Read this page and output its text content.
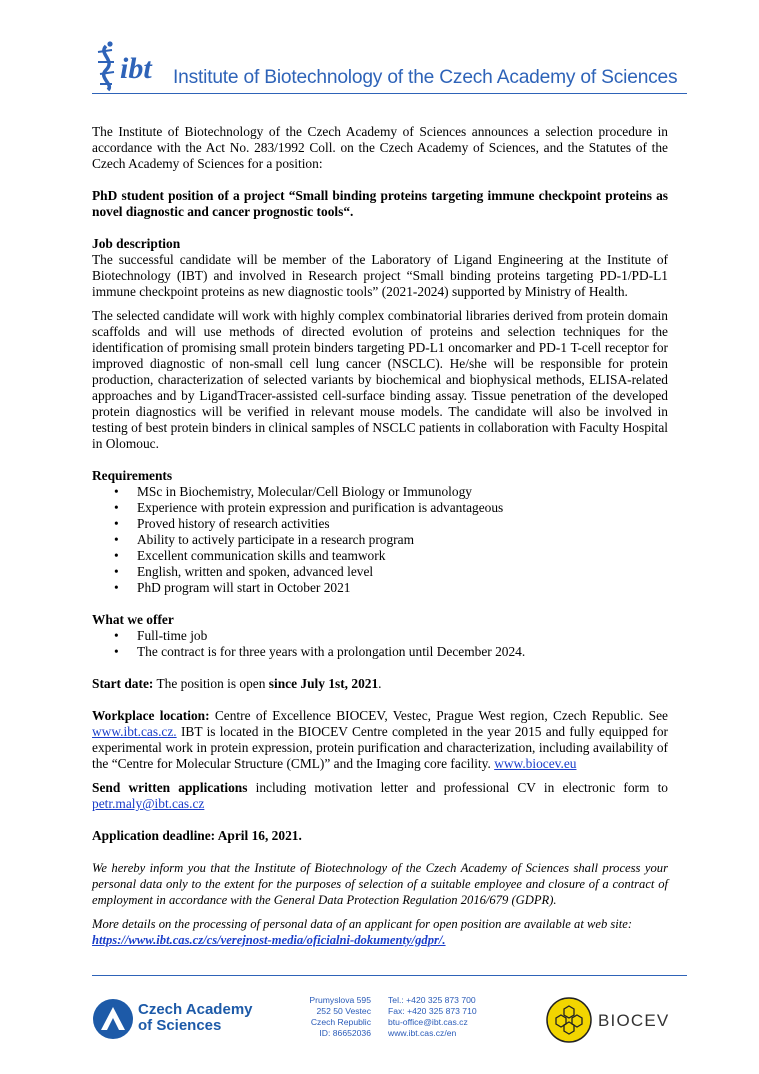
ibt Institute of Biotechnology of the Czech Academy of Sciences

The Institute of Biotechnology of the Czech Academy of Sciences announces a selection procedure in accordance with the Act No. 283/1992 Coll. on the Czech Academy of Sciences, and the Statutes of the Czech Academy of Sciences for a position:

PhD student position of a project “Small binding proteins targeting immune checkpoint proteins as novel diagnostic and cancer prognostic tools“.

Job description

The successful candidate will be member of the Laboratory of Ligand Engineering at the Institute of Biotechnology (IBT) and involved in Research project “Small binding proteins targeting PD-1/PD-L1 immune checkpoint proteins as new diagnostic tools” (2021-2024) supported by Ministry of Health.

The selected candidate will work with highly complex combinatorial libraries derived from protein domain scaffolds and will use methods of directed evolution of proteins and selection techniques for the identification of promising small protein binders targeting PD-L1 oncomarker and PD-1 T-cell receptor for improved diagnostic of non-small cell lung cancer (NSCLC). He/she will be responsible for protein production, characterization of selected variants by biochemical and biophysical methods, ELISA-related approaches and by LigandTracer-assisted cell-surface binding assay. Tissue penetration of the developed protein diagnostics will be verified in relevant mouse models. The candidate will also be involved in testing of best protein binders in clinical samples of NSCLC patients in collaboration with Faculty Hospital in Olomouc.

Requirements

• MSc in Biochemistry, Molecular/Cell Biology or Immunology
• Experience with protein expression and purification is advantageous
• Proved history of research activities
• Ability to actively participate in a research program
• Excellent communication skills and teamwork
• English, written and spoken, advanced level
• PhD program will start in October 2021

What we offer

• Full-time job
• The contract is for three years with a prolongation until December 2024.

Start date: The position is open since July 1st, 2021.

Workplace location: Centre of Excellence BIOCEV, Vestec, Prague West region, Czech Republic. See www.ibt.cas.cz. IBT is located in the BIOCEV Centre completed in the year 2015 and fully equipped for experimental work in protein expression, protein purification and characterization, including availability of the “Centre for Molecular Structure (CML)” and the Imaging core facility. www.biocev.eu

Send written applications including motivation letter and professional CV in electronic form to petr.maly@ibt.cas.cz

Application deadline: April 16, 2021.

We hereby inform you that the Institute of Biotechnology of the Czech Academy of Sciences shall process your personal data only to the extent for the purposes of selection of a suitable employee and closure of a contract of employment in accordance with the General Data Protection Regulation 2016/679 (GDPR).

More details on the processing of personal data of an applicant for open position are available at web site:
https://www.ibt.cas.cz/cs/verejnost-media/oficialni-dokumenty/gdpr/.

Czech Academy
of Sciences
Prumyslova 595
252 50 Vestec
Czech Republic
ID: 86652036
Tel.: +420 325 873 700
Fax: +420 325 873 710
btu-office@ibt.cas.cz
www.ibt.cas.cz/en
BIOCEV
